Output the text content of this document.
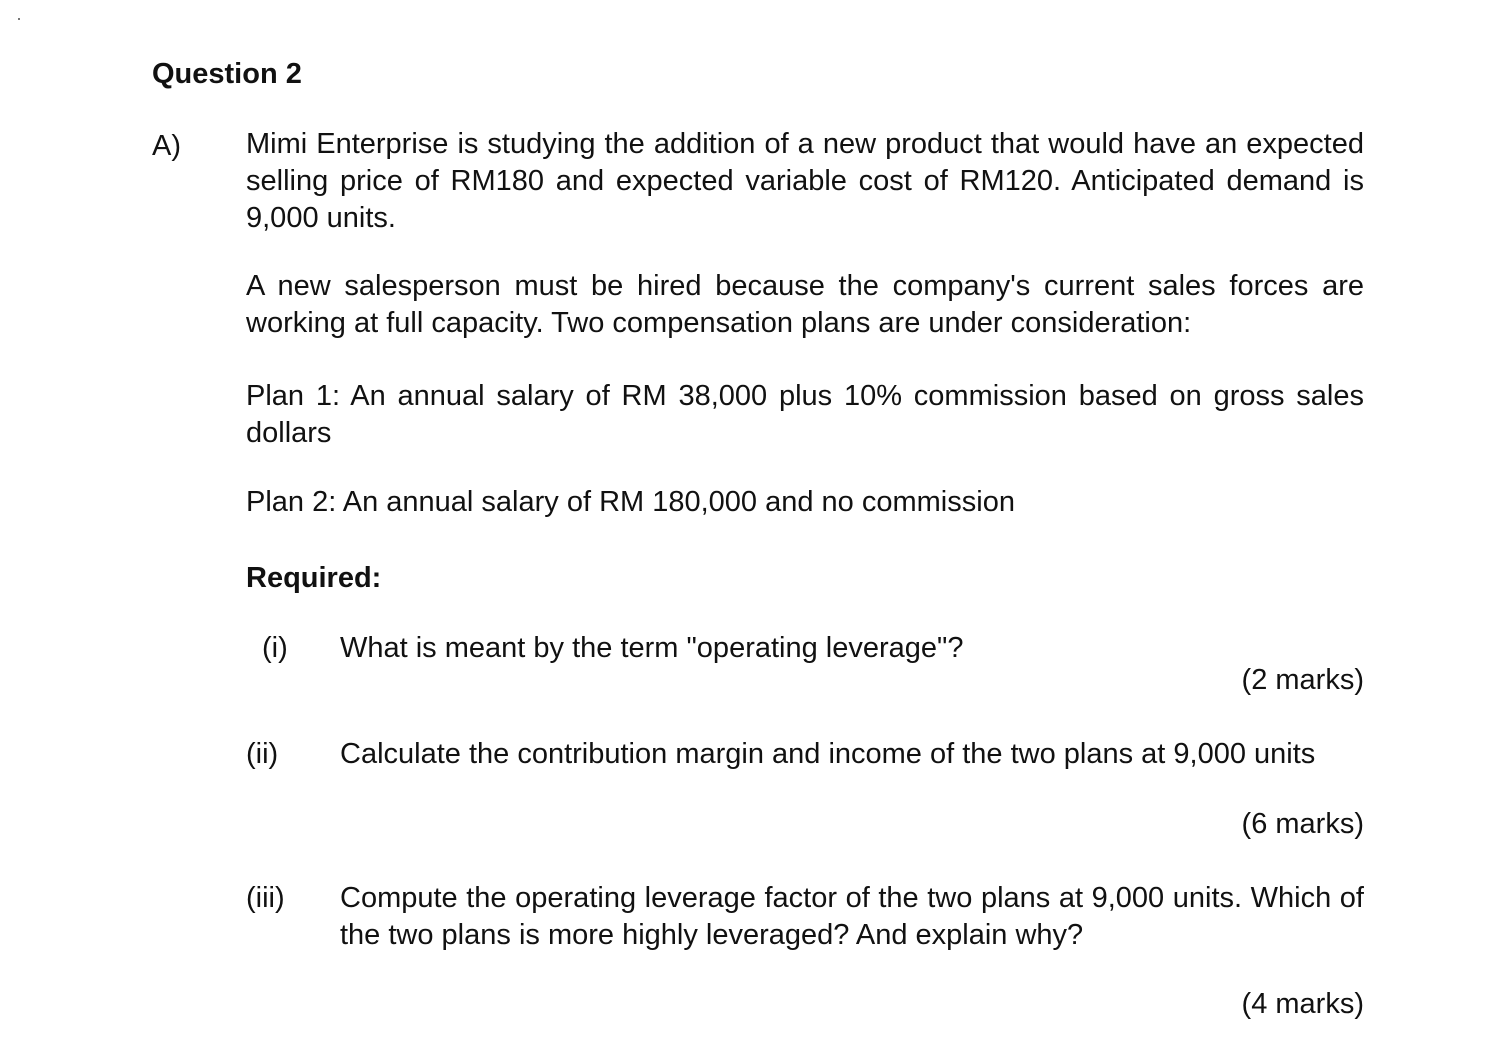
Question 2
A) Mimi Enterprise is studying the addition of a new product that would have an expected selling price of RM180 and expected variable cost of RM120. Anticipated demand is 9,000 units.
A new salesperson must be hired because the company's current sales forces are working at full capacity. Two compensation plans are under consideration:
Plan 1: An annual salary of RM 38,000 plus 10% commission based on gross sales dollars
Plan 2: An annual salary of RM 180,000 and no commission
Required:
(i) What is meant by the term "operating leverage"?
(2 marks)
(ii) Calculate the contribution margin and income of the two plans at 9,000 units
(6 marks)
(iii) Compute the operating leverage factor of the two plans at 9,000 units. Which of the two plans is more highly leveraged? And explain why?
(4 marks)
